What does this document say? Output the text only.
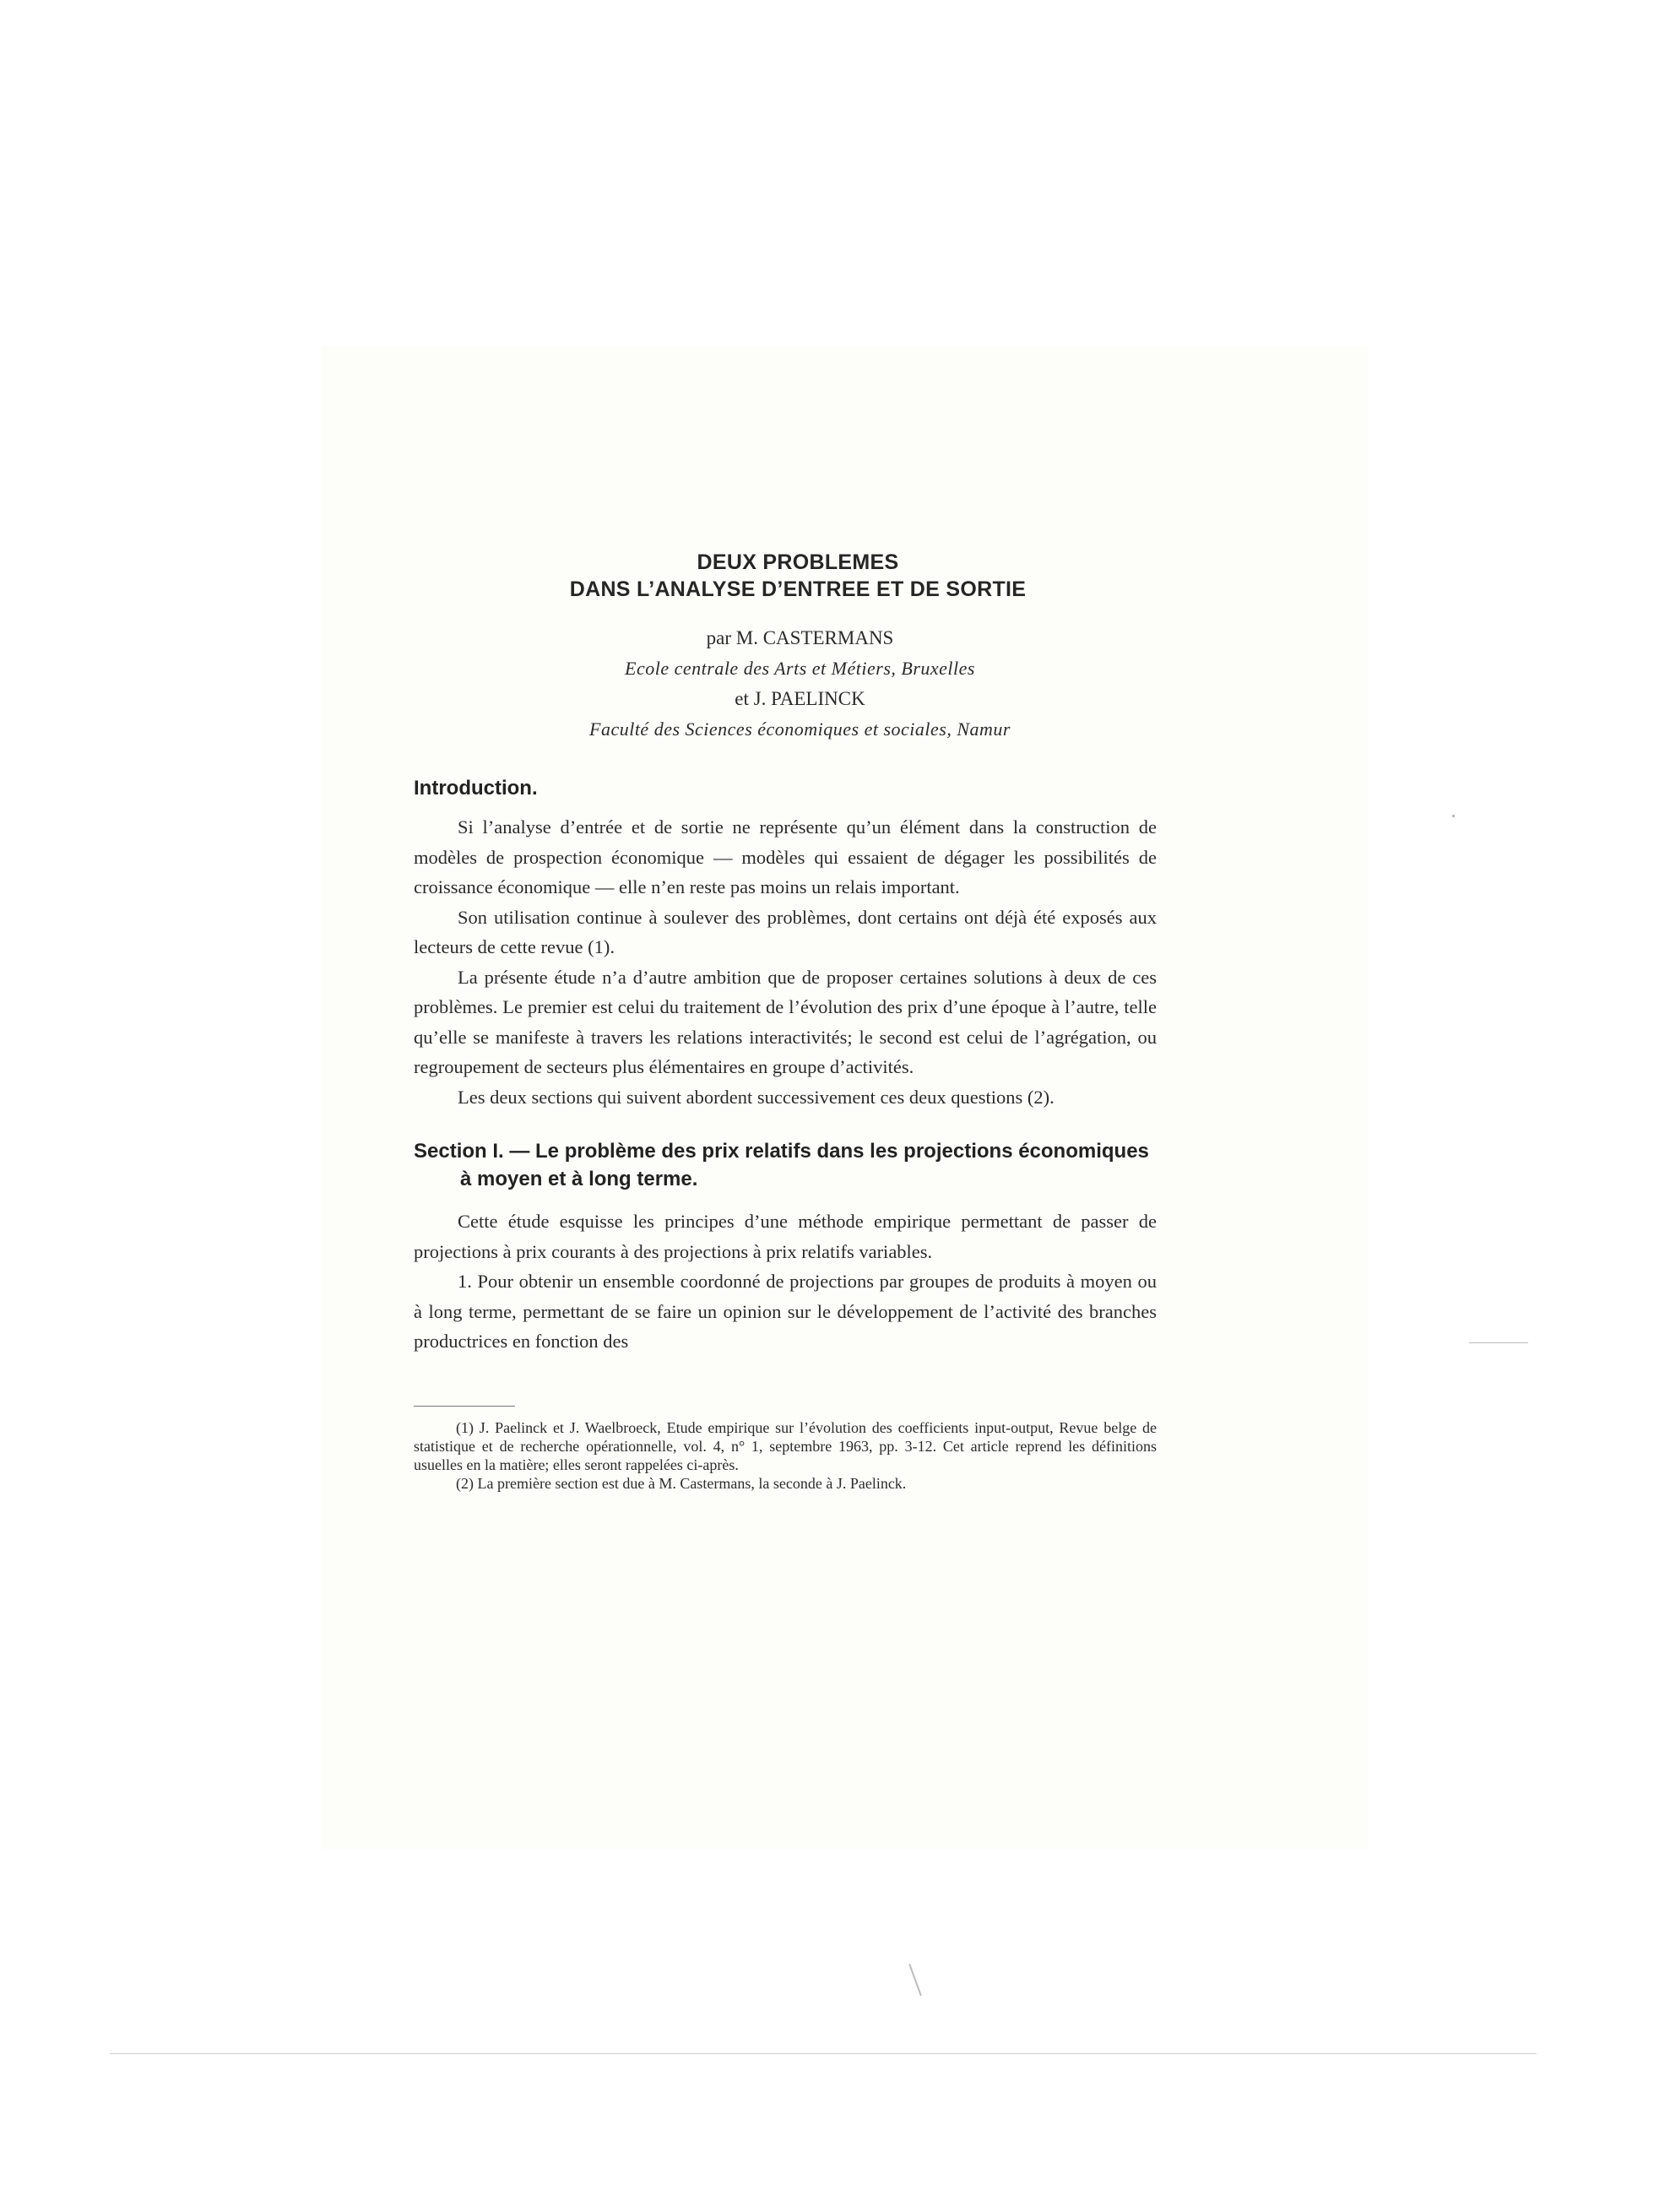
DEUX PROBLEMES
DANS L’ANALYSE D’ENTREE ET DE SORTIE
par M. CASTERMANS
Ecole centrale des Arts et Métiers, Bruxelles
et J. PAELINCK
Faculté des Sciences économiques et sociales, Namur
Introduction.

Si l’analyse d’entrée et de sortie ne représente qu’un élément dans la construction de modèles de prospection économique — modèles qui essaient de dégager les possibilités de croissance économique — elle n’en reste pas moins un relais important.

Son utilisation continue à soulever des problèmes, dont certains ont déjà été exposés aux lecteurs de cette revue (1).

La présente étude n’a d’autre ambition que de proposer certaines solutions à deux de ces problèmes. Le premier est celui du traitement de l’évolution des prix d’une époque à l’autre, telle qu’elle se manifeste à travers les relations interactivités; le second est celui de l’agrégation, ou regroupement de secteurs plus élémentaires en groupe d’activités.

Les deux sections qui suivent abordent successivement ces deux questions (2).

Section I. — Le problème des prix relatifs dans les projections économiques à moyen et à long terme.

Cette étude esquisse les principes d’une méthode empirique permettant de passer de projections à prix courants à des projections à prix relatifs variables.

1. Pour obtenir un ensemble coordonné de projections par groupes de produits à moyen ou à long terme, permettant de se faire un opinion sur le développement de l’activité des branches productrices en fonction des

(1) J. Paelinck et J. Waelbroeck, Etude empirique sur l’évolution des coefficients input-output, Revue belge de statistique et de recherche opérationnelle, vol. 4, n° 1, septembre 1963, pp. 3-12. Cet article reprend les définitions usuelles en la matière; elles seront rappelées ci-après.

(2) La première section est due à M. Castermans, la seconde à J. Paelinck.
